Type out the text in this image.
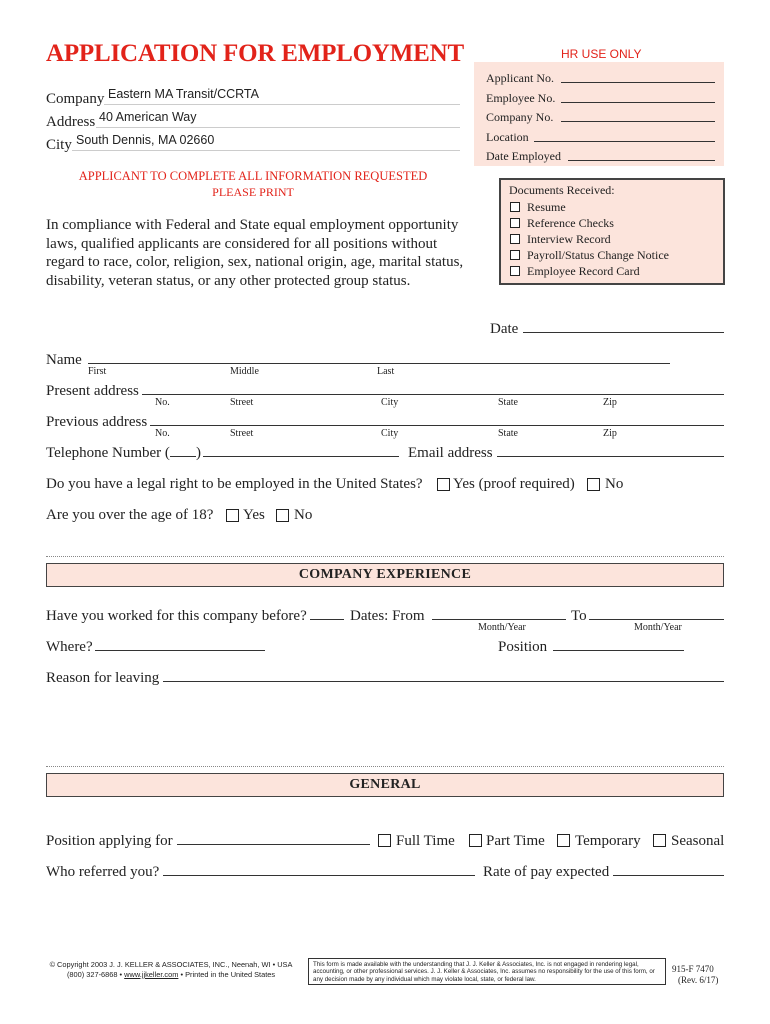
APPLICATION FOR EMPLOYMENT	HR USE ONLY
Company Eastern MA Transit/CCRTA
Address 40 American Way
City South Dennis, MA 02660
Applicant No.
Employee No.
Company No.
Location
Date Employed
APPLICANT TO COMPLETE ALL INFORMATION REQUESTED
PLEASE PRINT
In compliance with Federal and State equal employment opportunity
laws, qualified applicants are considered for all positions without
regard to race, color, religion, sex, national origin, age, marital status,
disability, veteran status, or any other protected group status.
Documents Received:
Resume
Reference Checks
Interview Record
Payroll/Status Change Notice
Employee Record Card
Date
Name
First	Middle	Last
Present address
No.	Street	City	State	Zip
Previous address
No.	Street	City	State	Zip
Telephone Number ( )	Email address
Do you have a legal right to be employed in the United States? Yes (proof required) No
Are you over the age of 18? Yes No
COMPANY EXPERIENCE
Have you worked for this company before?	Dates: From	To
Month/Year	Month/Year
Where?	Position
Reason for leaving
GENERAL
Position applying for	Full Time Part Time Temporary Seasonal
Who referred you?	Rate of pay expected
© Copyright 2003 J. J. KELLER & ASSOCIATES, INC., Neenah, WI • USA
(800) 327-6868 • www.jjkeller.com • Printed in the United States
This form is made available with the understanding that J. J. Keller & Associates, Inc. is not engaged in rendering legal, accounting, or other professional services. J. J. Keller & Associates, Inc. assumes no responsibility for the use of this form, or any decision made by any individual which may violate local, state, or federal law.
915-F 7470
(Rev. 6/17)
